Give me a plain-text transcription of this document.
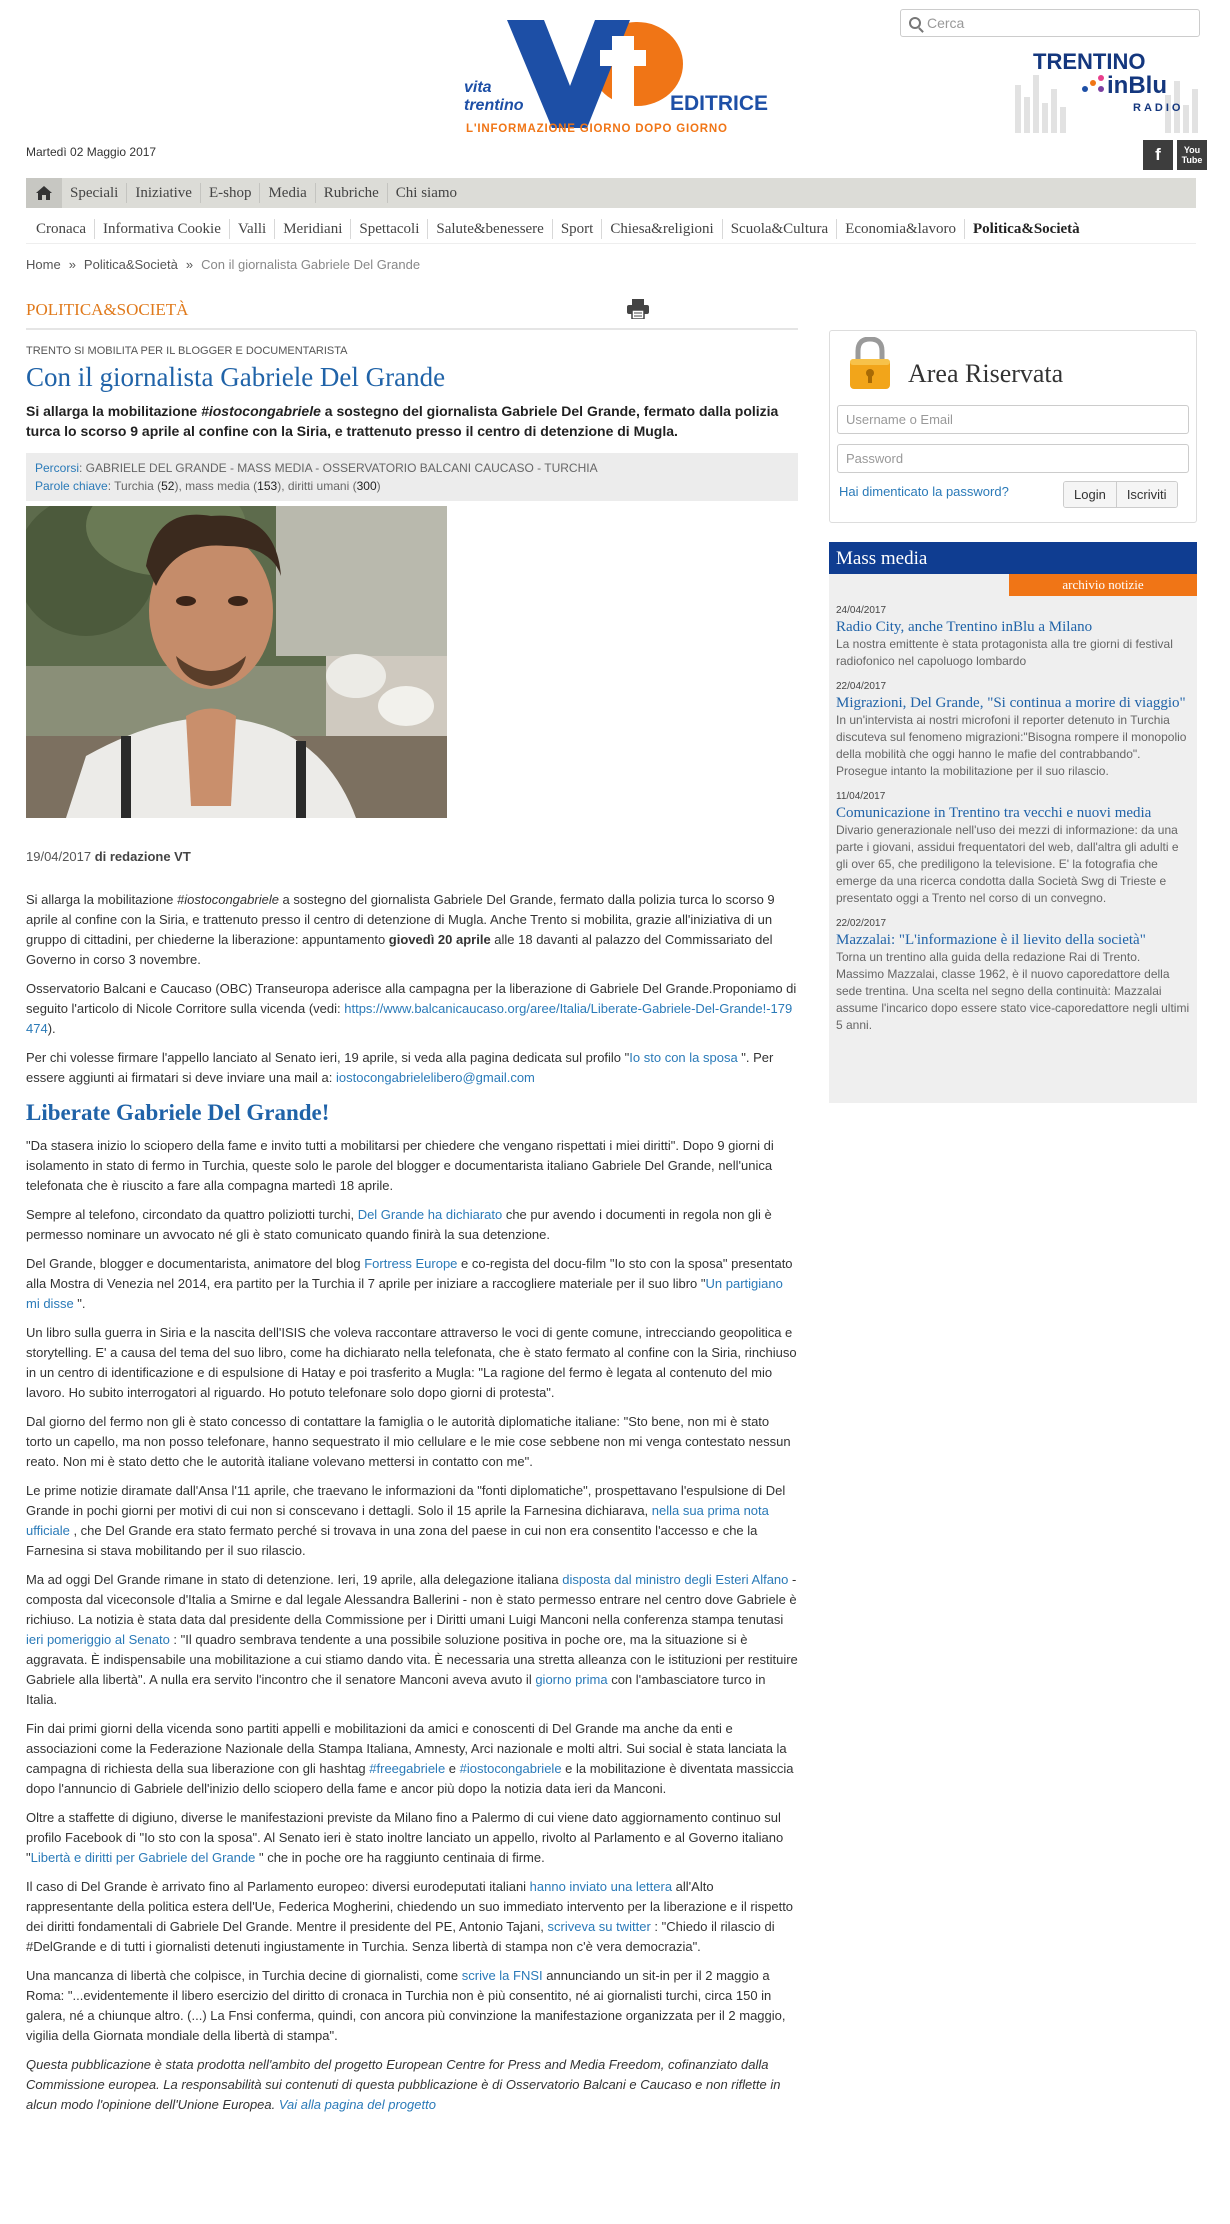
Cerca
vita
trentino	EDITRICE
L'INFORMAZIONE GIORNO DOPO GIORNO
TRENTINO
inBlu
RADIO
Martedì 02 Maggio 2017	f	You
Tube
Speciali	Iniziative	E-shop	Media	Rubriche	Chi siamo
Cronaca	Informativa Cookie	Valli	Meridiani	Spettacoli	Salute&benessere	Sport	Chiesa&religioni	Scuola&Cultura	Economia&lavoro	Politica&Società
Home » Politica&Società » Con il giornalista Gabriele Del Grande
POLITICA&SOCIETÀ
TRENTO SI MOBILITA PER IL BLOGGER E DOCUMENTARISTA
Con il giornalista Gabriele Del Grande
Si allarga la mobilitazione #iostocongabriele a sostegno del giornalista Gabriele Del Grande, fermato dalla polizia turca lo scorso 9 aprile al confine con la Siria, e trattenuto presso il centro di detenzione di Mugla.
Percorsi: GABRIELE DEL GRANDE - MASS MEDIA - OSSERVATORIO BALCANI CAUCASO - TURCHIA
Parole chiave: Turchia (52), mass media (153), diritti umani (300)
19/04/2017 di redazione VT

Si allarga la mobilitazione #iostocongabriele a sostegno del giornalista Gabriele Del Grande, fermato dalla polizia turca lo scorso 9 aprile al confine con la Siria, e trattenuto presso il centro di detenzione di Mugla. Anche Trento si mobilita, grazie all'iniziativa di un gruppo di cittadini, per chiederne la liberazione: appuntamento giovedì 20 aprile alle 18 davanti al palazzo del Commissariato del Governo in corso 3 novembre.

Osservatorio Balcani e Caucaso (OBC) Transeuropa aderisce alla campagna per la liberazione di Gabriele Del Grande.Proponiamo di seguito l'articolo di Nicole Corritore sulla vicenda (vedi: https://www.balcanicaucaso.org/aree/Italia/Liberate-Gabriele-Del-Grande!-179474).

Per chi volesse firmare l'appello lanciato al Senato ieri, 19 aprile, si veda alla pagina dedicata sul profilo "Io sto con la sposa ". Per essere aggiunti ai firmatari si deve inviare una mail a: iostocongabrielelibero@gmail.com

Liberate Gabriele Del Grande!

"Da stasera inizio lo sciopero della fame e invito tutti a mobilitarsi per chiedere che vengano rispettati i miei diritti". Dopo 9 giorni di isolamento in stato di fermo in Turchia, queste solo le parole del blogger e documentarista italiano Gabriele Del Grande, nell'unica telefonata che è riuscito a fare alla compagna martedì 18 aprile.

Sempre al telefono, circondato da quattro poliziotti turchi, Del Grande ha dichiarato che pur avendo i documenti in regola non gli è permesso nominare un avvocato né gli è stato comunicato quando finirà la sua detenzione.

Del Grande, blogger e documentarista, animatore del blog Fortress Europe e co-regista del docu-film "Io sto con la sposa" presentato alla Mostra di Venezia nel 2014, era partito per la Turchia il 7 aprile per iniziare a raccogliere materiale per il suo libro "Un partigiano mi disse ".

Un libro sulla guerra in Siria e la nascita dell'ISIS che voleva raccontare attraverso le voci di gente comune, intrecciando geopolitica e storytelling. E' a causa del tema del suo libro, come ha dichiarato nella telefonata, che è stato fermato al confine con la Siria, rinchiuso in un centro di identificazione e di espulsione di Hatay e poi trasferito a Mugla: "La ragione del fermo è legata al contenuto del mio lavoro. Ho subito interrogatori al riguardo. Ho potuto telefonare solo dopo giorni di protesta".

Dal giorno del fermo non gli è stato concesso di contattare la famiglia o le autorità diplomatiche italiane: "Sto bene, non mi è stato torto un capello, ma non posso telefonare, hanno sequestrato il mio cellulare e le mie cose sebbene non mi venga contestato nessun reato. Non mi è stato detto che le autorità italiane volevano mettersi in contatto con me".

Le prime notizie diramate dall'Ansa l'11 aprile, che traevano le informazioni da "fonti diplomatiche", prospettavano l'espulsione di Del Grande in pochi giorni per motivi di cui non si conscevano i dettagli. Solo il 15 aprile la Farnesina dichiarava, nella sua prima nota ufficiale , che Del Grande era stato fermato perché si trovava in una zona del paese in cui non era consentito l'accesso e che la Farnesina si stava mobilitando per il suo rilascio.

Ma ad oggi Del Grande rimane in stato di detenzione. Ieri, 19 aprile, alla delegazione italiana disposta dal ministro degli Esteri Alfano - composta dal viceconsole d'Italia a Smirne e dal legale Alessandra Ballerini - non è stato permesso entrare nel centro dove Gabriele è richiuso. La notizia è stata data dal presidente della Commissione per i Diritti umani Luigi Manconi nella conferenza stampa tenutasi ieri pomeriggio al Senato : "Il quadro sembrava tendente a una possibile soluzione positiva in poche ore, ma la situazione si è aggravata. È indispensabile una mobilitazione a cui stiamo dando vita. È necessaria una stretta alleanza con le istituzioni per restituire Gabriele alla libertà". A nulla era servito l'incontro che il senatore Manconi aveva avuto il giorno prima con l'ambasciatore turco in Italia.

Fin dai primi giorni della vicenda sono partiti appelli e mobilitazioni da amici e conoscenti di Del Grande ma anche da enti e associazioni come la Federazione Nazionale della Stampa Italiana, Amnesty, Arci nazionale e molti altri. Sui social è stata lanciata la campagna di richiesta della sua liberazione con gli hashtag #freegabriele e #iostocongabriele e la mobilitazione è diventata massiccia dopo l'annuncio di Gabriele dell'inizio dello sciopero della fame e ancor più dopo la notizia data ieri da Manconi.

Oltre a staffette di digiuno, diverse le manifestazioni previste da Milano fino a Palermo di cui viene dato aggiornamento continuo sul profilo Facebook di "Io sto con la sposa". Al Senato ieri è stato inoltre lanciato un appello, rivolto al Parlamento e al Governo italiano "Libertà e diritti per Gabriele del Grande " che in poche ore ha raggiunto centinaia di firme.

Il caso di Del Grande è arrivato fino al Parlamento europeo: diversi eurodeputati italiani hanno inviato una lettera all'Alto rappresentante della politica estera dell'Ue, Federica Mogherini, chiedendo un suo immediato intervento per la liberazione e il rispetto dei diritti fondamentali di Gabriele Del Grande. Mentre il presidente del PE, Antonio Tajani, scriveva su twitter : "Chiedo il rilascio di #DelGrande e di tutti i giornalisti detenuti ingiustamente in Turchia. Senza libertà di stampa non c'è vera democrazia".

Una mancanza di libertà che colpisce, in Turchia decine di giornalisti, come scrive la FNSI annunciando un sit-in per il 2 maggio a Roma: "...evidentemente il libero esercizio del diritto di cronaca in Turchia non è più consentito, né ai giornalisti turchi, circa 150 in galera, né a chiunque altro. (...) La Fnsi conferma, quindi, con ancora più convinzione la manifestazione organizzata per il 2 maggio, vigilia della Giornata mondiale della libertà di stampa".

Questa pubblicazione è stata prodotta nell'ambito del progetto European Centre for Press and Media Freedom, cofinanziato dalla Commissione europea. La responsabilità sui contenuti di questa pubblicazione è di Osservatorio Balcani e Caucaso e non riflette in alcun modo l'opinione dell'Unione Europea. Vai alla pagina del progetto

Area Riservata
Username o Email
Password
Hai dimenticato la password?	Login	Iscriviti
Mass media
archivio notizie
24/04/2017
Radio City, anche Trentino inBlu a Milano
La nostra emittente è stata protagonista alla tre giorni di festival radiofonico nel capoluogo lombardo
22/04/2017
Migrazioni, Del Grande, "Si continua a morire di viaggio"
In un'intervista ai nostri microfoni il reporter detenuto in Turchia discuteva sul fenomeno migrazioni:"Bisogna rompere il monopolio della mobilità che oggi hanno le mafie del contrabbando". Prosegue intanto la mobilitazione per il suo rilascio.
11/04/2017
Comunicazione in Trentino tra vecchi e nuovi media
Divario generazionale nell'uso dei mezzi di informazione: da una parte i giovani, assidui frequentatori del web, dall'altra gli adulti e gli over 65, che prediligono la televisione. E' la fotografia che emerge da una ricerca condotta dalla Società Swg di Trieste e presentato oggi a Trento nel corso di un convegno.
22/02/2017
Mazzalai: "L'informazione è il lievito della società"
Torna un trentino alla guida della redazione Rai di Trento. Massimo Mazzalai, classe 1962, è il nuovo caporedattore della sede trentina. Una scelta nel segno della continuità: Mazzalai assume l'incarico dopo essere stato vice-caporedattore negli ultimi 5 anni.
